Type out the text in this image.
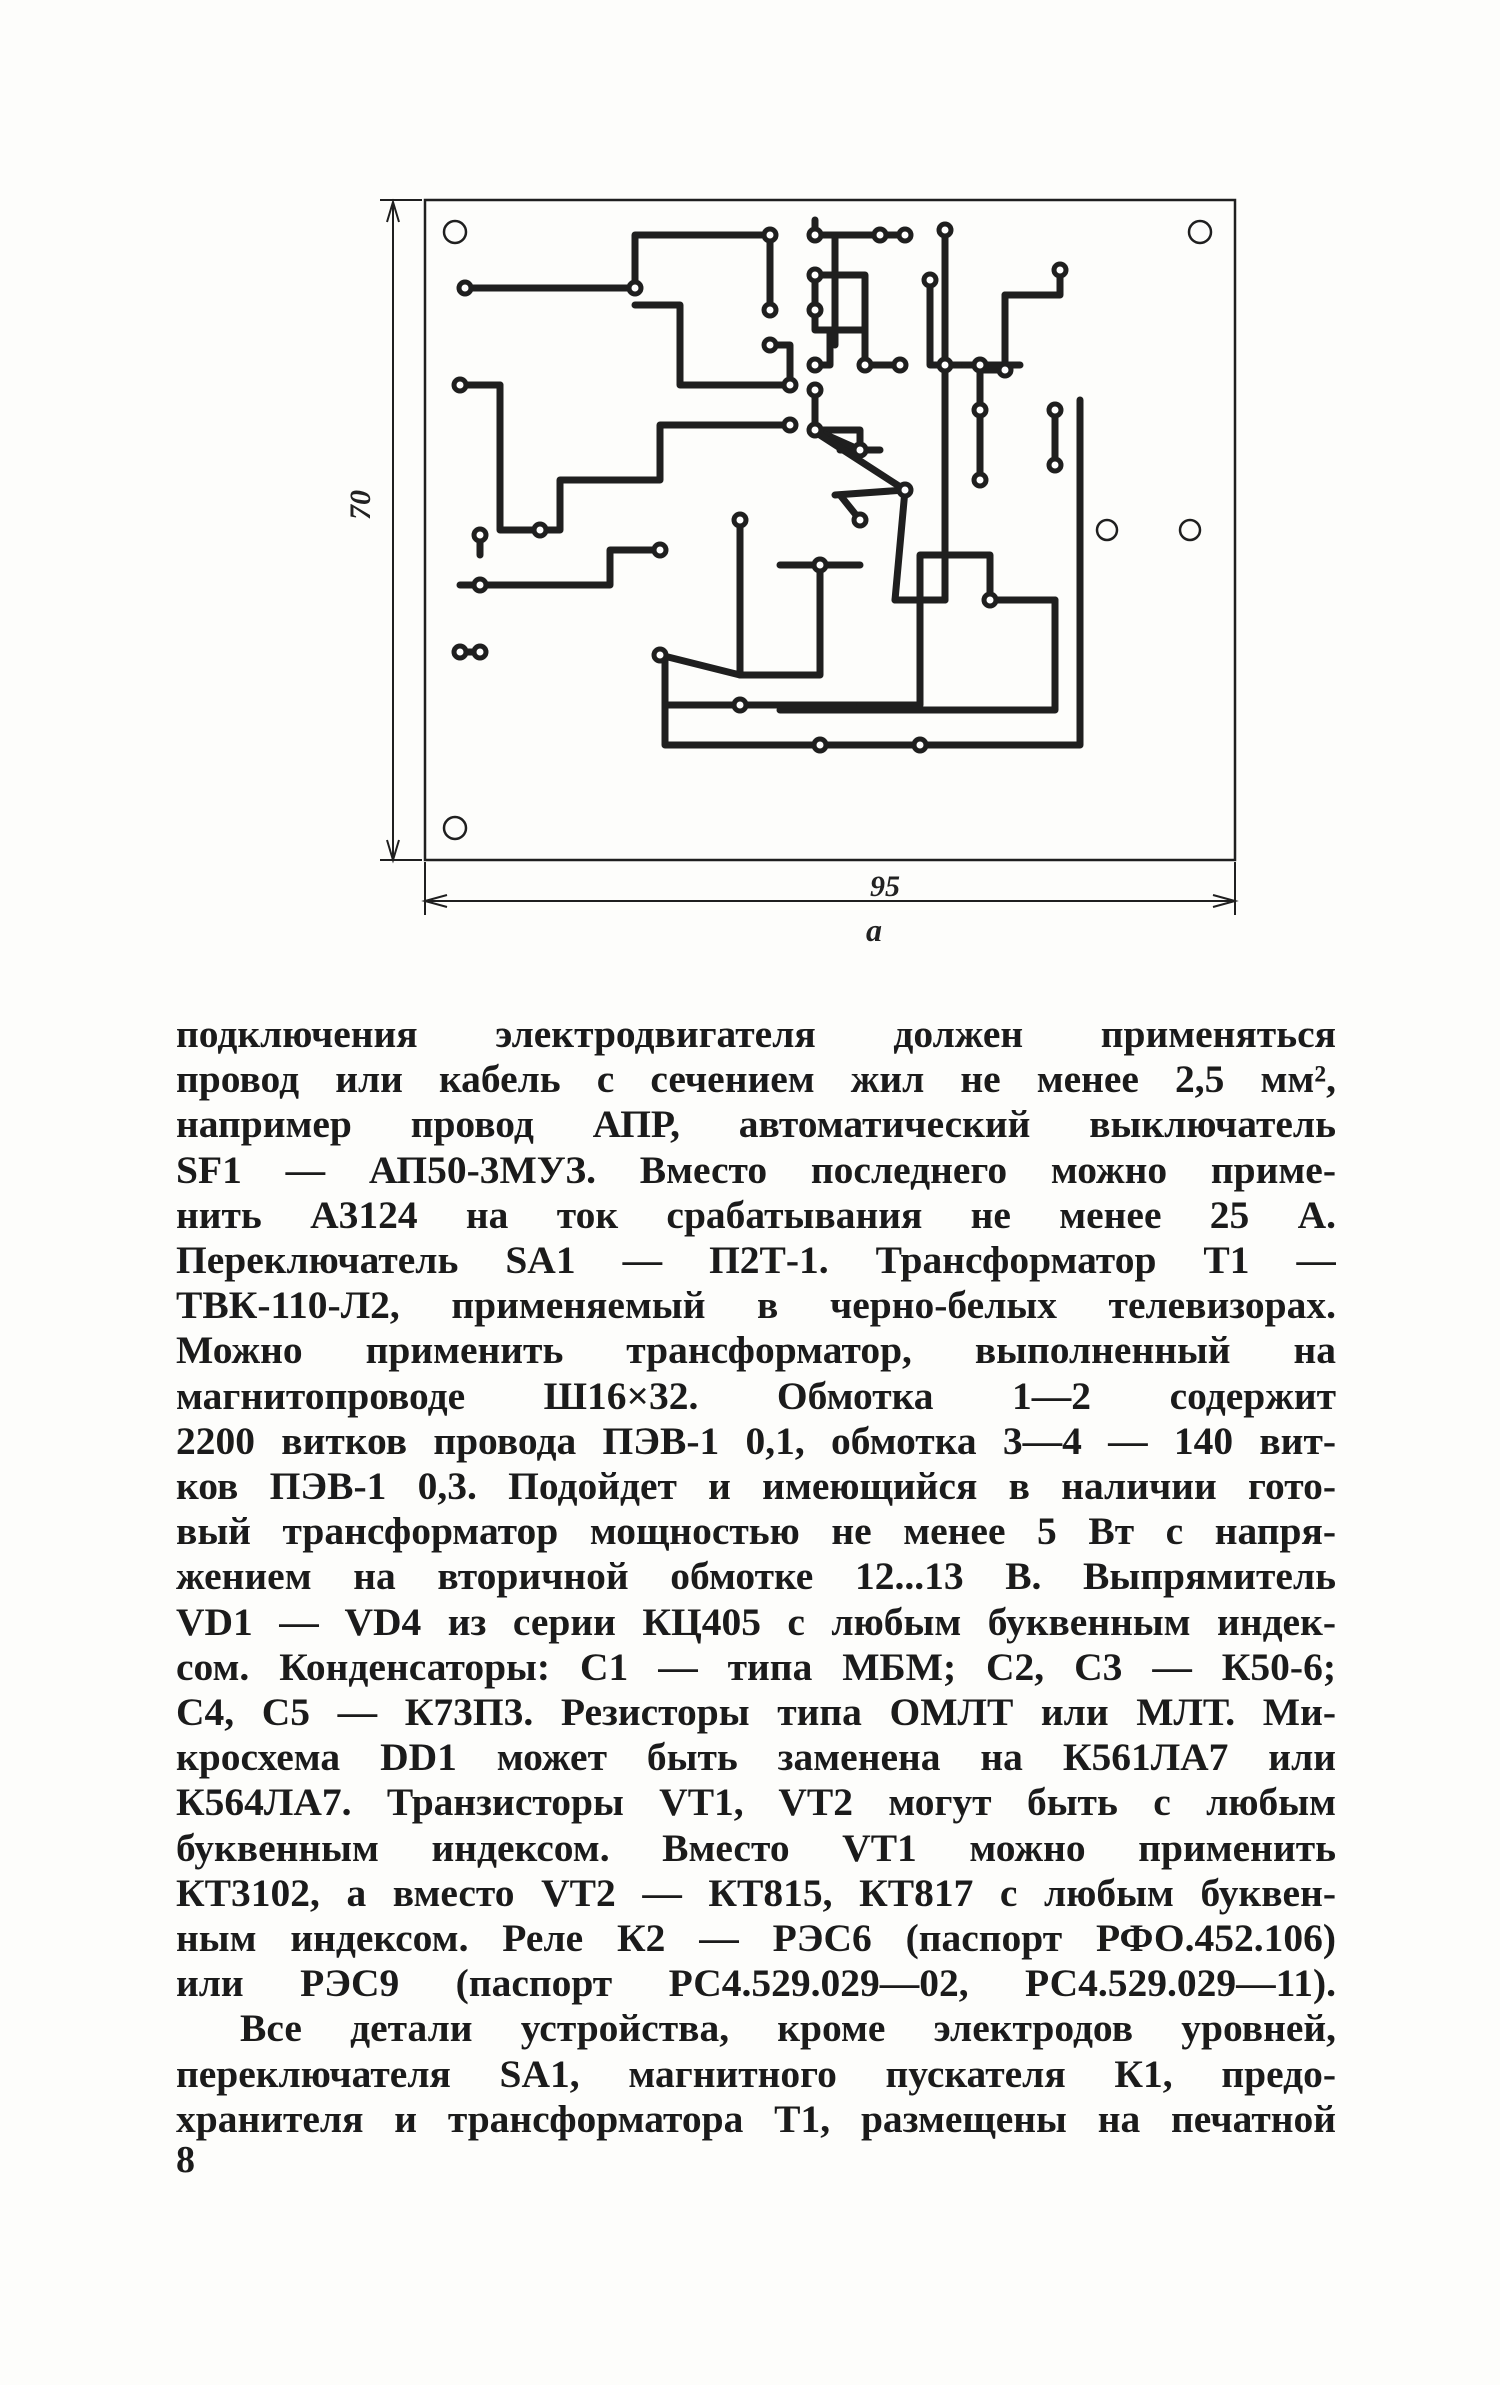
95
70
а

подключения электродвигателя должен применяться
провод или кабель с сечением жил не менее 2,5 мм²,
например провод АПР, автоматический выключатель
SF1 — АП50-3МУЗ. Вместо последнего можно приме-
нить А3124 на ток срабатывания не менее 25 А.
Переключатель SA1 — П2Т-1. Трансформатор Т1 —
ТВК-110-Л2, применяемый в черно-белых телевизорах.
Можно применить трансформатор, выполненный на
магнитопроводе Ш16×32. Обмотка 1—2 содержит
2200 витков провода ПЭВ-1 0,1, обмотка 3—4 — 140 вит-
ков ПЭВ-1 0,3. Подойдет и имеющийся в наличии гото-
вый трансформатор мощностью не менее 5 Вт с напря-
жением на вторичной обмотке 12...13 В. Выпрямитель
VD1 — VD4 из серии КЦ405 с любым буквенным индек-
сом. Конденсаторы: С1 — типа МБМ; С2, С3 — К50-6;
С4, С5 — К73П3. Резисторы типа ОМЛТ или МЛТ. Ми-
кросхема DD1 может быть заменена на К561ЛА7 или
К564ЛА7. Транзисторы VT1, VT2 могут быть с любым
буквенным индексом. Вместо VT1 можно применить
КТ3102, а вместо VT2 — КТ815, КТ817 с любым буквен-
ным индексом. Реле К2 — РЭС6 (паспорт РФО.452.106)
или РЭС9 (паспорт РС4.529.029—02, РС4.529.029—11).

Все детали устройства, кроме электродов уровней,
переключателя SA1, магнитного пускателя К1, предо-
хранителя и трансформатора Т1, размещены на печатной

8
